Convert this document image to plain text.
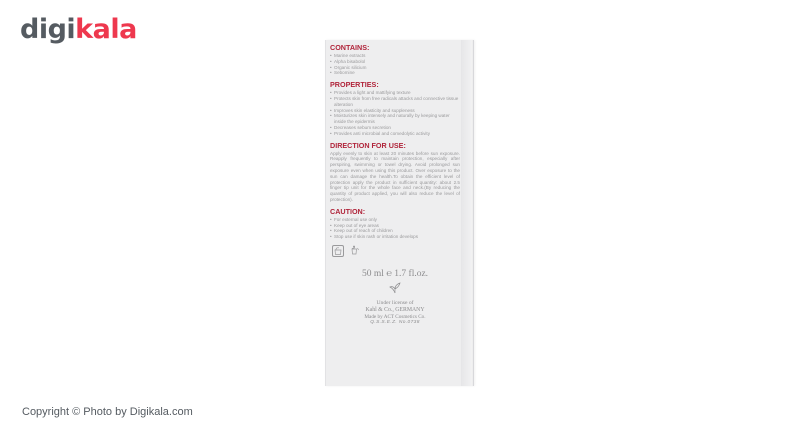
digikala
CONTAINS:
• Marine extracts
• Alpha bisabolol
• Organic silicium
• Sebomine
PROPERTIES:
• Provides a light and mattifying texture
• Protects skin from free radicals attacks and connective tissue alteration
• Improves skin elasticity and suppleness
• Moisturizes skin intensely and naturally by keeping water inside the epidermis
• Decreases sebum secretion
• Provides anti microbial and comedolytic activity
DIRECTION FOR USE:

Apply evenly to skin at least 20 minutes before sun exposure. Reapply frequently to maintain protection, especially after perspiring, swimming or towel drying. Avoid prolonged sun exposure even when using this product. Over exposure to the sun can damage the health.To obtain the efficient level of protection apply the product in sufficient quantity: about 2.5 finger tip unit for the whole face and neck.(By reducing the quantity of product applied, you will also reduce the level of protection).

CAUTION:
• For external use only
• Keep out of eye areas
• Keep out of reach of children
• Stop use if skin rash or irritation develops
50 ml ℮ 1.7 fl.oz.
Under license of
Kahl & Co., GERMANY
Made by ACT Cosmetics Co.
Q.S.S.E.Z. No.0738
Copyright © Photo by Digikala.com
